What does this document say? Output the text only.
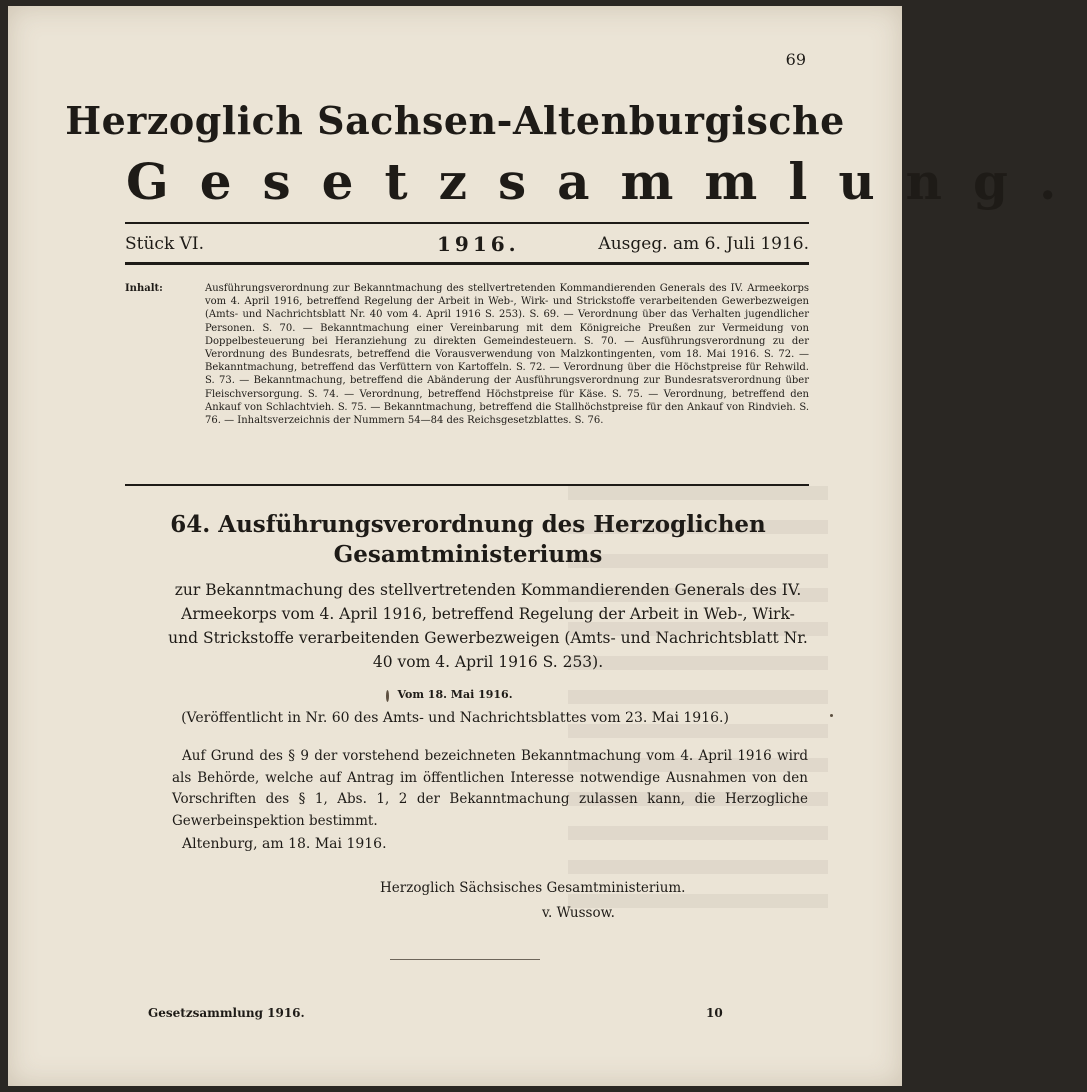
69
Herzoglich Sachsen-Altenburgische
Gesetzsammlung.
Stück VI.	1916.	Ausgeg. am 6. Juli 1916.
Inhalt:	Ausführungsverordnung zur Bekanntmachung des stellvertretenden Kommandierenden Generals des IV. Armeekorps vom 4. April 1916, betreffend Regelung der Arbeit in Web-, Wirk- und Strickstoffe verarbeitenden Gewerbezweigen (Amts- und Nachrichtsblatt Nr. 40 vom 4. April 1916 S. 253). S. 69. — Verordnung über das Verhalten jugendlicher Personen. S. 70. — Bekanntmachung einer Vereinbarung mit dem Königreiche Preußen zur Vermeidung von Doppelbesteuerung bei Heranziehung zu direkten Gemeindesteuern. S. 70. — Ausführungsverordnung zu der Verordnung des Bundesrats, betreffend die Vorausverwendung von Malzkontingenten, vom 18. Mai 1916. S. 72. — Bekanntmachung, betreffend das Verfüttern von Kartoffeln. S. 72. — Verordnung über die Höchstpreise für Rehwild. S. 73. — Bekanntmachung, betreffend die Abänderung der Ausführungsverordnung zur Bundesratsverordnung über Fleischversorgung. S. 74. — Verordnung, betreffend Höchstpreise für Käse. S. 75. — Verordnung, betreffend den Ankauf von Schlachtvieh. S. 75. — Bekanntmachung, betreffend die Stallhöchstpreise für den Ankauf von Rindvieh. S. 76. — Inhaltsverzeichnis der Nummern 54—84 des Reichsgesetzblattes. S. 76.
64. Ausführungsverordnung des Herzoglichen Gesamtministeriums
zur Bekanntmachung des stellvertretenden Kommandierenden Generals des IV. Armeekorps vom 4. April 1916, betreffend Regelung der Arbeit in Web-, Wirk- und Strickstoffe verarbeitenden Gewerbezweigen (Amts- und Nachrichtsblatt Nr. 40 vom 4. April 1916 S. 253).
Vom 18. Mai 1916.
(Veröffentlicht in Nr. 60 des Amts- und Nachrichtsblattes vom 23. Mai 1916.)
Auf Grund des § 9 der vorstehend bezeichneten Bekanntmachung vom 4. April 1916 wird als Behörde, welche auf Antrag im öffentlichen Interesse notwendige Ausnahmen von den Vorschriften des § 1, Abs. 1, 2 der Bekanntmachung zulassen kann, die Herzogliche Gewerbeinspektion bestimmt.
Altenburg, am 18. Mai 1916.
Herzoglich Sächsisches Gesamtministerium.
v. Wussow.
Gesetzsammlung 1916.	10
